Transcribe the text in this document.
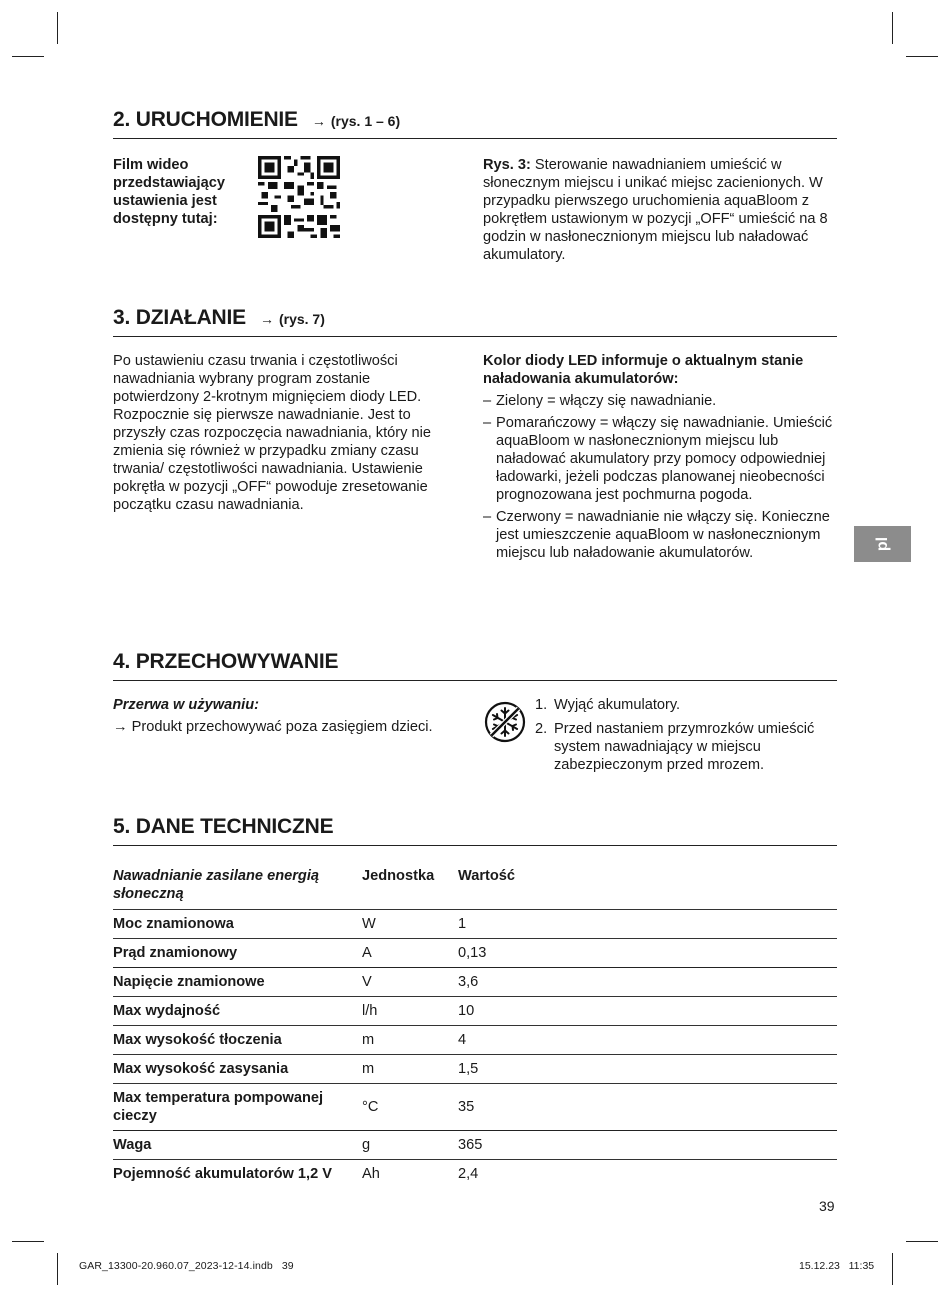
2. URUCHOMIENIE → (rys. 1 – 6)
Film wideo przedstawiający ustawienia jest dostępny tutaj:
Rys. 3: Sterowanie nawadnianiem umieścić w słonecznym miejscu i unikać miejsc zacienionych. W przypadku pierwszego uruchomienia aquaBloom z pokrętłem ustawionym w pozycji „OFF“ umieścić na 8 godzin w nasłonecznionym miejscu lub naładować akumulatory.
3. DZIAŁANIE → (rys. 7)
Po ustawieniu czasu trwania i częstotliwości nawadniania wybrany program zostanie potwierdzony 2-krotnym mignięciem diody LED. Rozpocznie się pierwsze nawadnianie. Jest to przyszły czas rozpoczęcia nawadniania, który nie zmienia się również w przypadku zmiany czasu trwania/ częstotliwości nawadniania. Ustawienie pokrętła w pozycji „OFF“ powoduje zresetowanie początku czasu nawadniania.
Kolor diody LED informuje o aktualnym stanie naładowania akumulatorów:
– Zielony = włączy się nawadnianie.
– Pomarańczowy = włączy się nawadnianie. Umieścić aquaBloom w nasłonecznionym miejscu lub naładować akumulatory przy pomocy odpowiedniej ładowarki, jeżeli podczas planowanej nieobecności prognozowana jest pochmurna pogoda.
– Czerwony = nawadnianie nie włączy się. Konieczne jest umieszczenie aquaBloom w nasłonecznionym miejscu lub naładowanie akumulatorów.
4. PRZECHOWYWANIE
Przerwa w używaniu:
→ Produkt przechowywać poza zasięgiem dzieci.
1. Wyjąć akumulatory.
2. Przed nastaniem przymrozków umieścić system nawadniający w miejscu zabezpieczonym przed mrozem.
5. DANE TECHNICZNE
Nawadnianie zasilane energią słoneczną	Jednostka	Wartość
Moc znamionowa	W	1
Prąd znamionowy	A	0,13
Napięcie znamionowe	V	3,6
Max wydajność	l/h	10
Max wysokość tłoczenia	m	4
Max wysokość zasysania	m	1,5
Max temperatura pompowanej cieczy	°C	35
Waga	g	365
Pojemność akumulatorów 1,2 V	Ah	2,4
pl
39
GAR_13300-20.960.07_2023-12-14.indb   39	15.12.23   11:35
